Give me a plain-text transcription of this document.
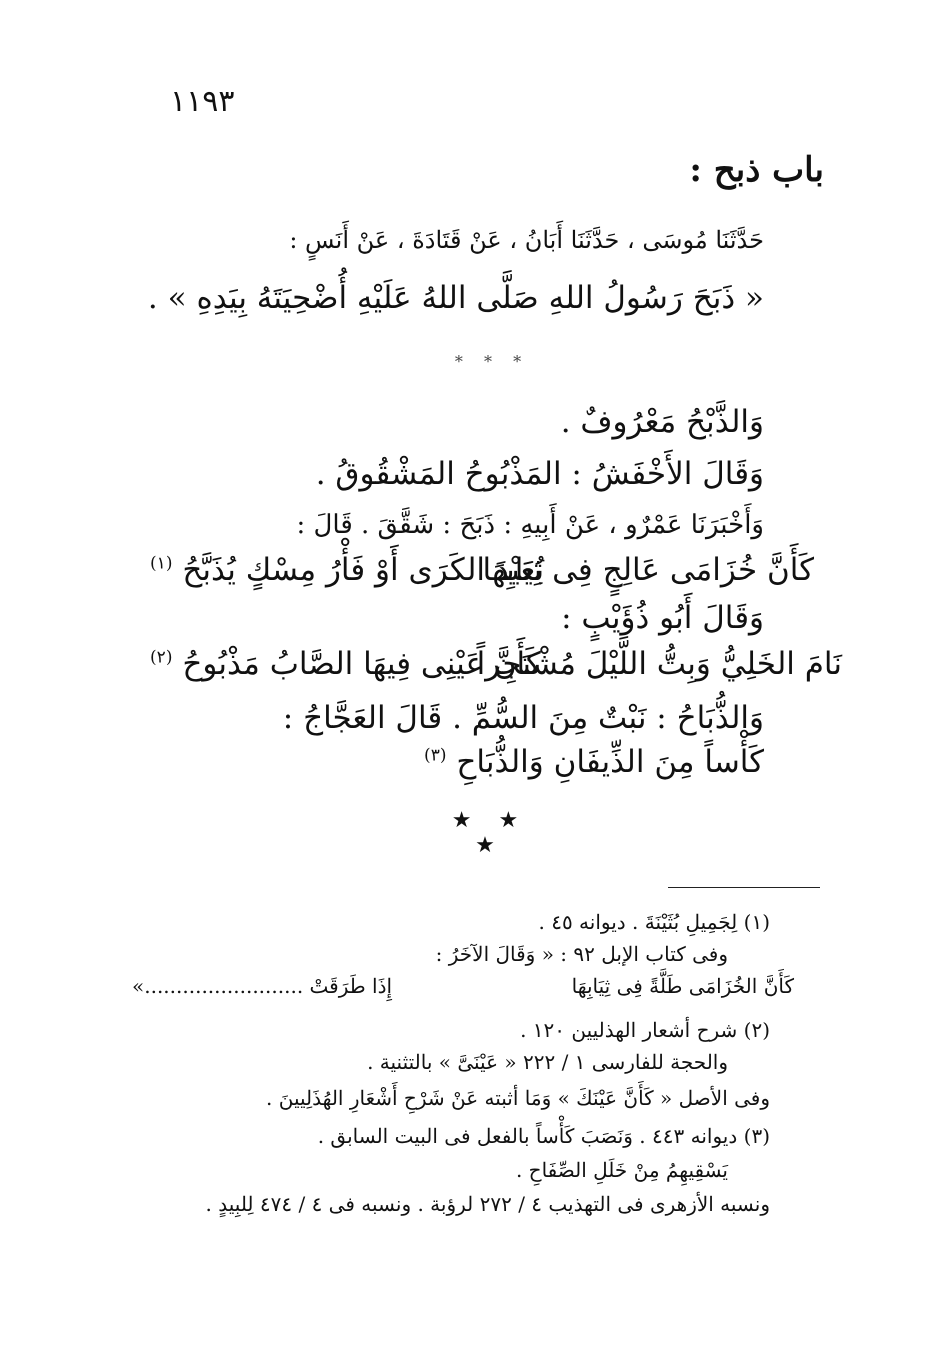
١١٩٣
باب ذبح :
حَدَّثَنَا مُوسَى ، حَدَّثَنَا أَبَانُ ، عَنْ قَتَادَةَ ، عَنْ أَنَسٍ :
« ذَبَحَ رَسُولُ اللهِ صَلَّى اللهُ عَلَيْهِ أُضْحِيَتَهُ بِيَدِهِ » .
* * *
وَالذَّبْحُ مَعْرُوفٌ .
وَقَالَ الأَخْفَشُ : المَذْبُوحُ المَشْقُوقُ .
وَأَخْبَرَنَا عَمْرٌو ، عَنْ أَبِيهِ : ذَبَحَ : شَقَّقَ . قَالَ :
كَأَنَّ خُزَامَى عَالِجٍ فِى ثِيَابِهَا
بُعَيْدَ الكَرَى أَوْ فَأْرُ مِسْكٍ يُذَبَّحُ $^{(١)}$
وَقَالَ أَبُو ذُؤَيْبٍ :
نَامَ الخَلِيُّ وَبِتُّ اللَّيْلَ مُشْتَجِراً
كَأَنَّ عَيْنِى فِيهَا الصَّابُ مَذْبُوحُ $^{(٢)}$
وَالذُّبَاحُ : نَبْتٌ مِنَ السُّمِّ . قَالَ العَجَّاجُ :
كَأْساً مِنَ الذِّيفَانِ وَالذُّبَاحِ $^{(٣)}$
★ ★ ★
(١) لِجَمِيلِ بُثَيْنَةَ . ديوانه ٤٥ .
وفى كتاب الإبل ٩٢ : « وَقَالَ الآخَرُ :
كَأَنَّ الخُزَامَى طَلَّةً فِى ثِيَابِهَا
إِذَا طَرَقَتْ .........................»
(٢) شرح أشعار الهذليين ١٢٠ .
والحجة للفارسى ١ / ٢٢٢ « عَيْنَىَّ » بالتثنية .
وفى الأصل « كَأَنَّ عَيْنَكَ » وَمَا أثبته عَنْ شَرْحِ أَشْعَارِ الهُذَلِيينَ .
(٣) ديوانه ٤٤٣ . وَنَصَبَ كَأْساً بالفعل فى البيت السابق .
يَسْقِيهِمُ مِنْ خَلَلِ الصِّفَاحِ .
ونسبه الأزهرى فى التهذيب ٤ / ٢٧٢ لرؤبة . ونسبه فى ٤ / ٤٧٤ لِلبِيدٍ .
